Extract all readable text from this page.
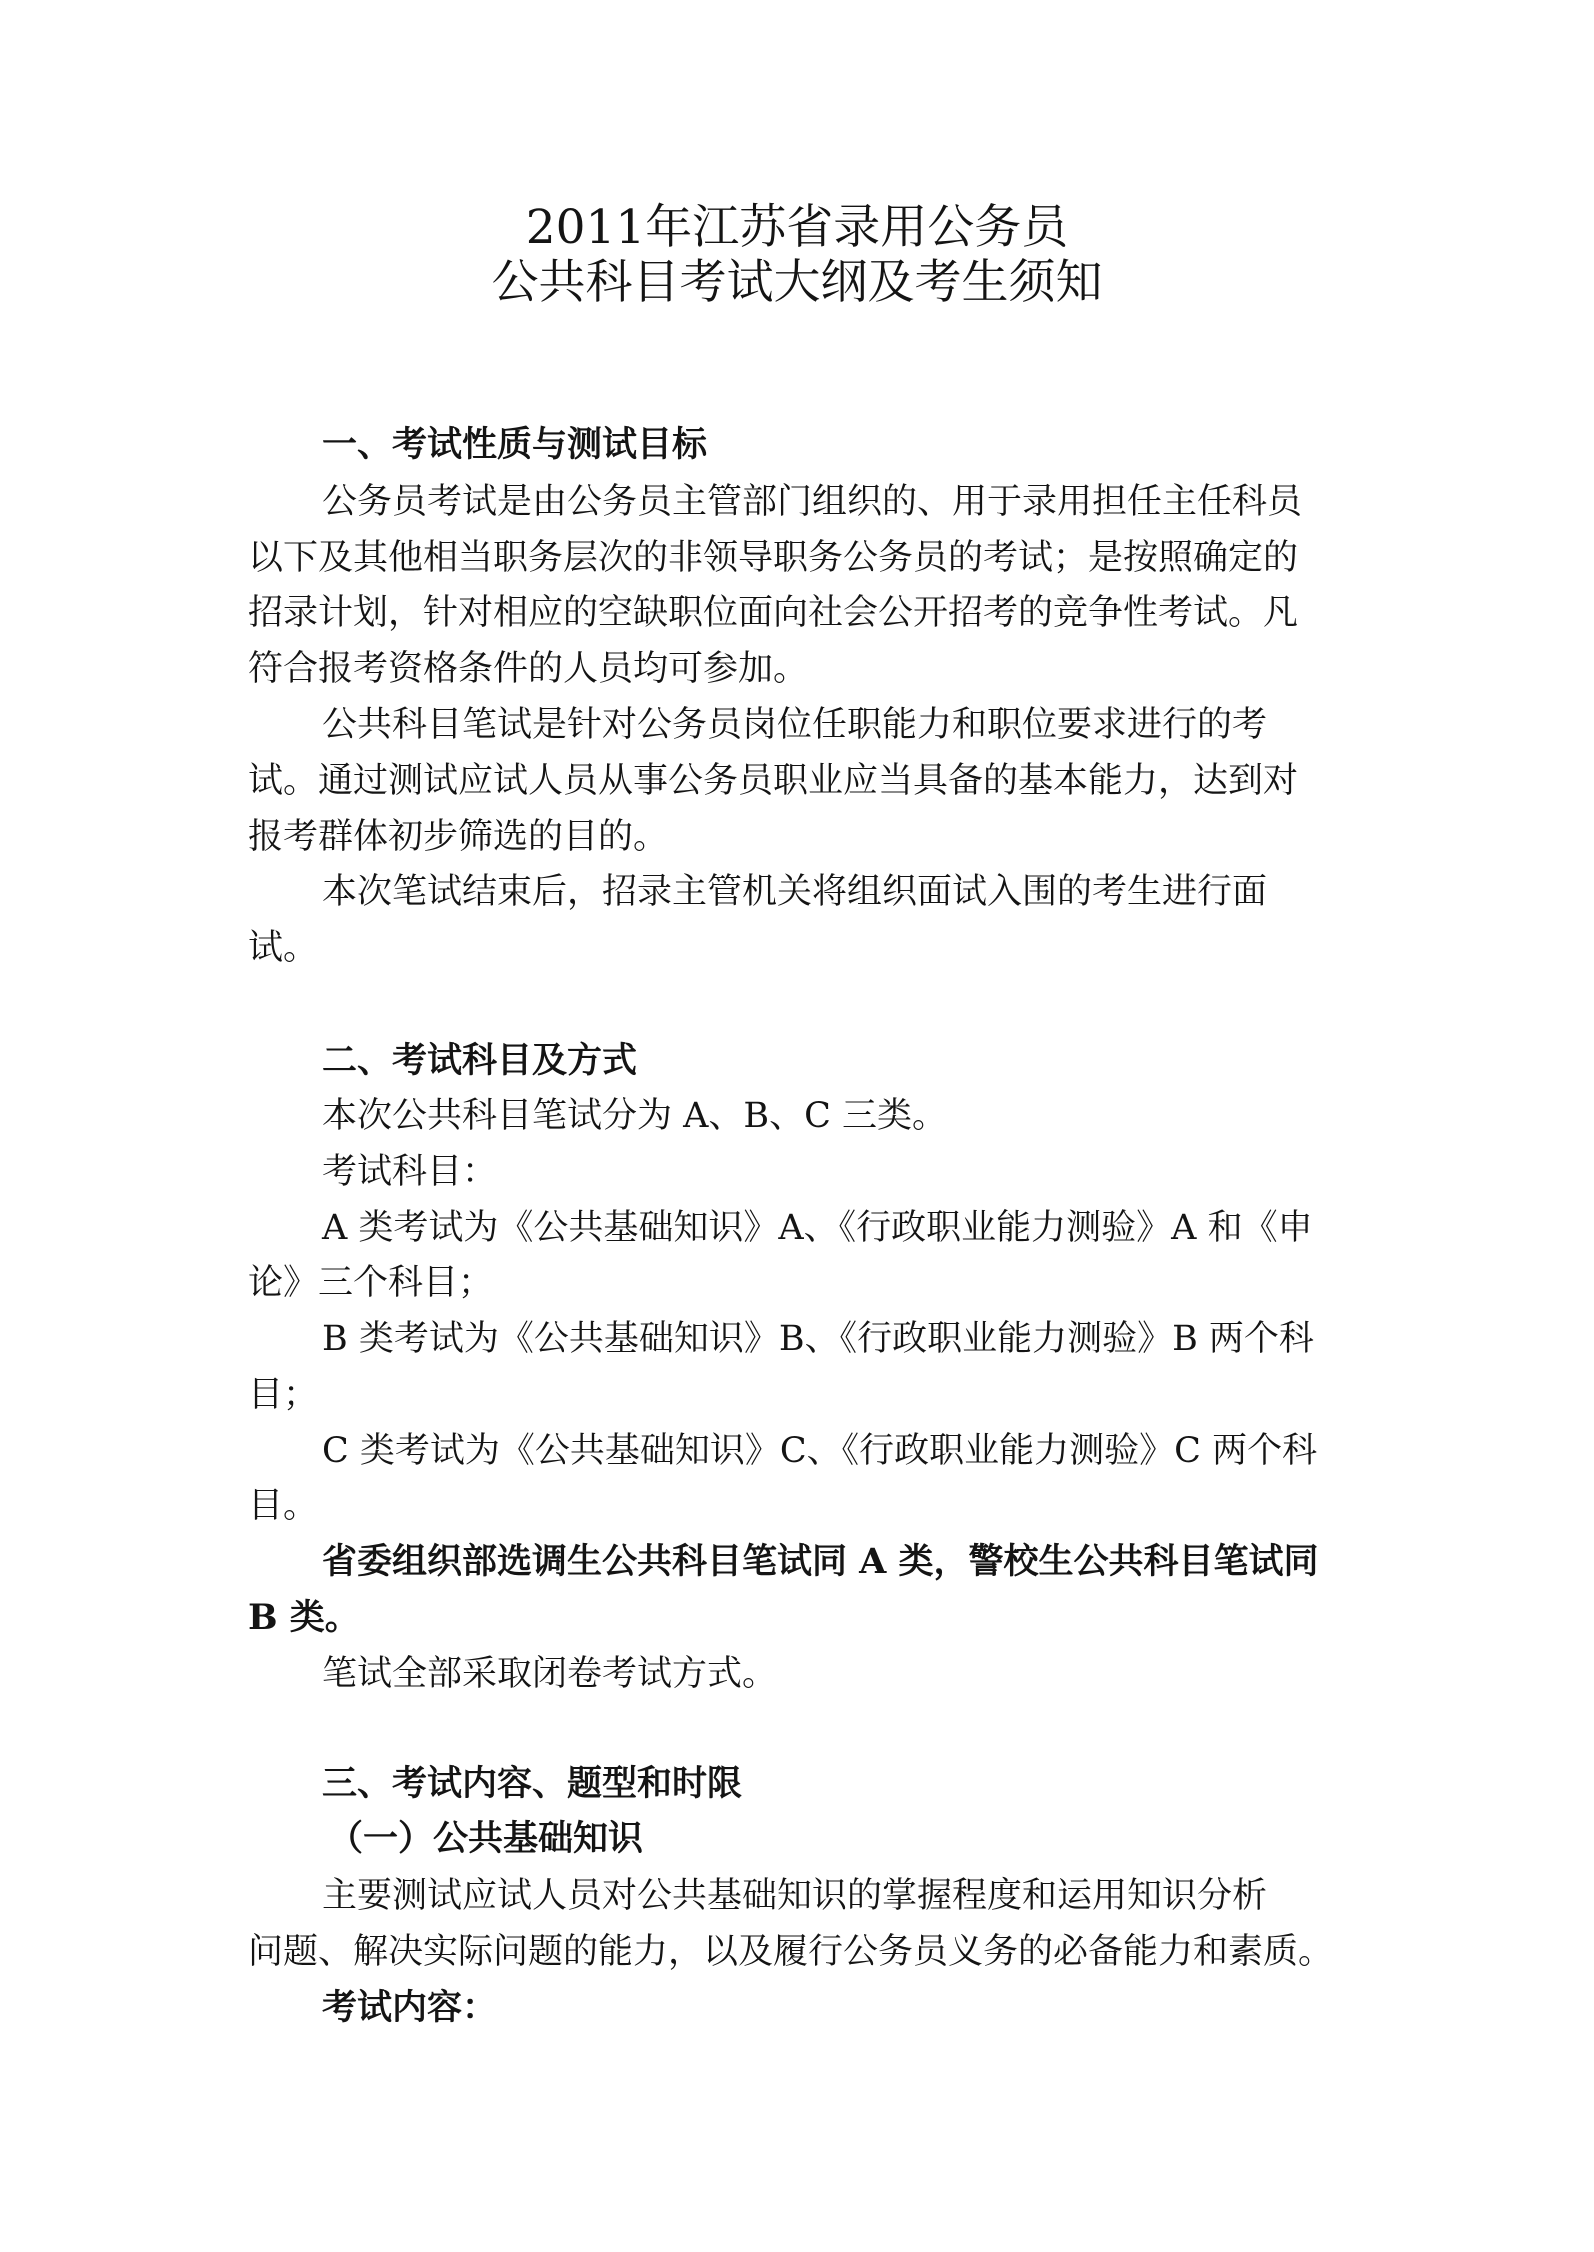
2011年江苏省录用公务员
公共科目考试大纲及考生须知
一、考试性质与测试目标
公务员考试是由公务员主管部门组织的、用于录用担任主任科员
以下及其他相当职务层次的非领导职务公务员的考试；是按照确定的
招录计划，针对相应的空缺职位面向社会公开招考的竞争性考试。凡
符合报考资格条件的人员均可参加。
公共科目笔试是针对公务员岗位任职能力和职位要求进行的考
试。通过测试应试人员从事公务员职业应当具备的基本能力，达到对
报考群体初步筛选的目的。
本次笔试结束后，招录主管机关将组织面试入围的考生进行面
试。
二、考试科目及方式
本次公共科目笔试分为 A、B、C 三类。
考试科目：
A 类考试为《公共基础知识》A、《行政职业能力测验》A 和《申
论》三个科目；
B 类考试为《公共基础知识》B、《行政职业能力测验》B 两个科
目；
C 类考试为《公共基础知识》C、《行政职业能力测验》C 两个科
目。
省委组织部选调生公共科目笔试同 A 类，警校生公共科目笔试同
B 类。
笔试全部采取闭卷考试方式。
三、考试内容、题型和时限
（一）公共基础知识
主要测试应试人员对公共基础知识的掌握程度和运用知识分析
问题、解决实际问题的能力，以及履行公务员义务的必备能力和素质。
考试内容：
